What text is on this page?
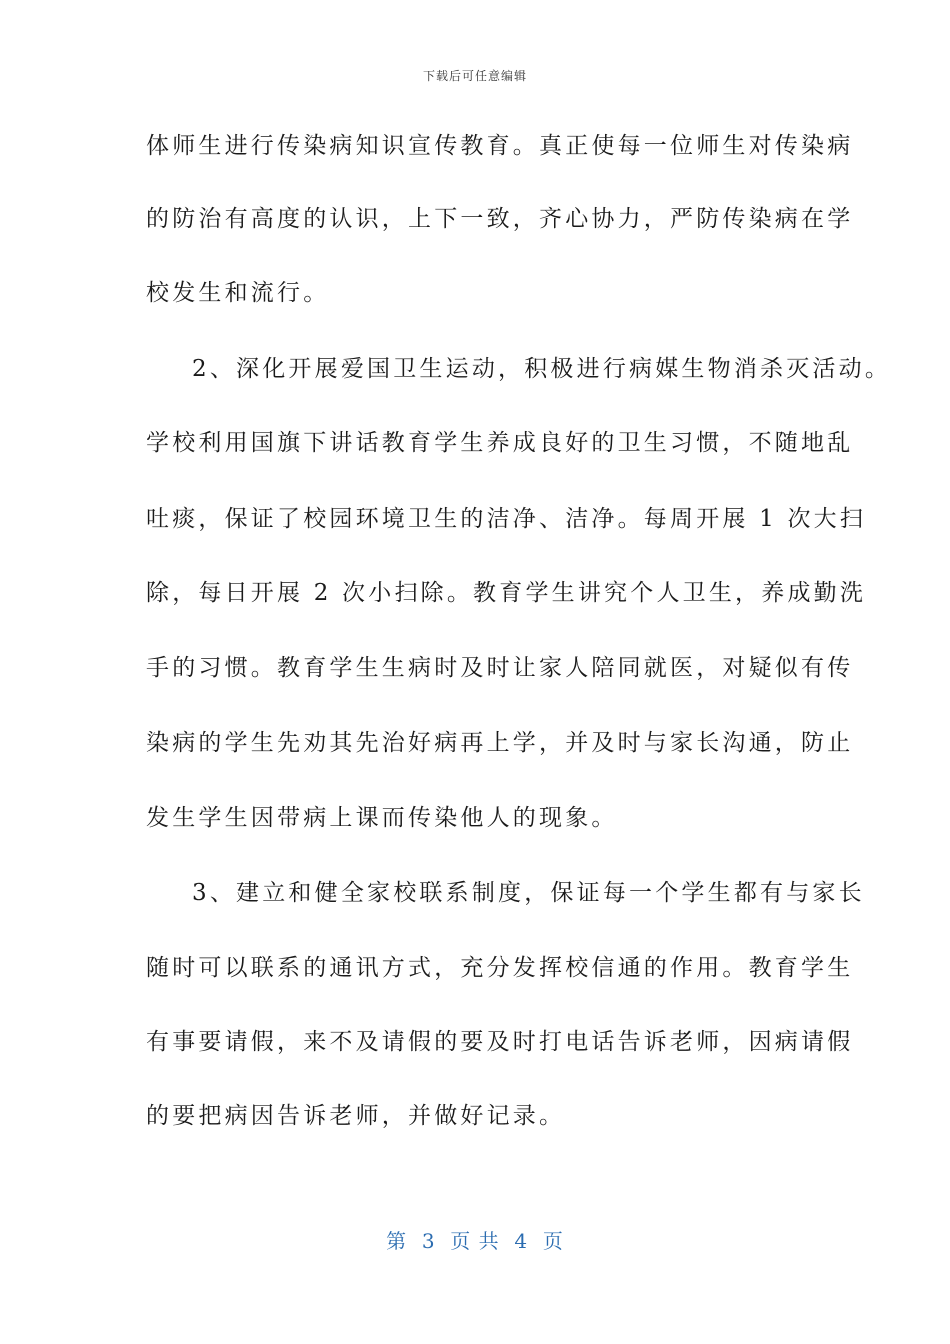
下载后可任意编辑
体师生进行传染病知识宣传教育。真正使每一位师生对传染病
的防治有高度的认识，上下一致，齐心协力，严防传染病在学
校发生和流行。
2、深化开展爱国卫生运动，积极进行病媒生物消杀灭活动。
学校利用国旗下讲话教育学生养成良好的卫生习惯，不随地乱
吐痰，保证了校园环境卫生的洁净、洁净。每周开展 1 次大扫
除，每日开展 2 次小扫除。教育学生讲究个人卫生，养成勤洗
手的习惯。教育学生生病时及时让家人陪同就医，对疑似有传
染病的学生先劝其先治好病再上学，并及时与家长沟通，防止
发生学生因带病上课而传染他人的现象。
3、建立和健全家校联系制度，保证每一个学生都有与家长
随时可以联系的通讯方式，充分发挥校信通的作用。教育学生
有事要请假，来不及请假的要及时打电话告诉老师，因病请假
的要把病因告诉老师，并做好记录。
第  3  页 共  4  页
